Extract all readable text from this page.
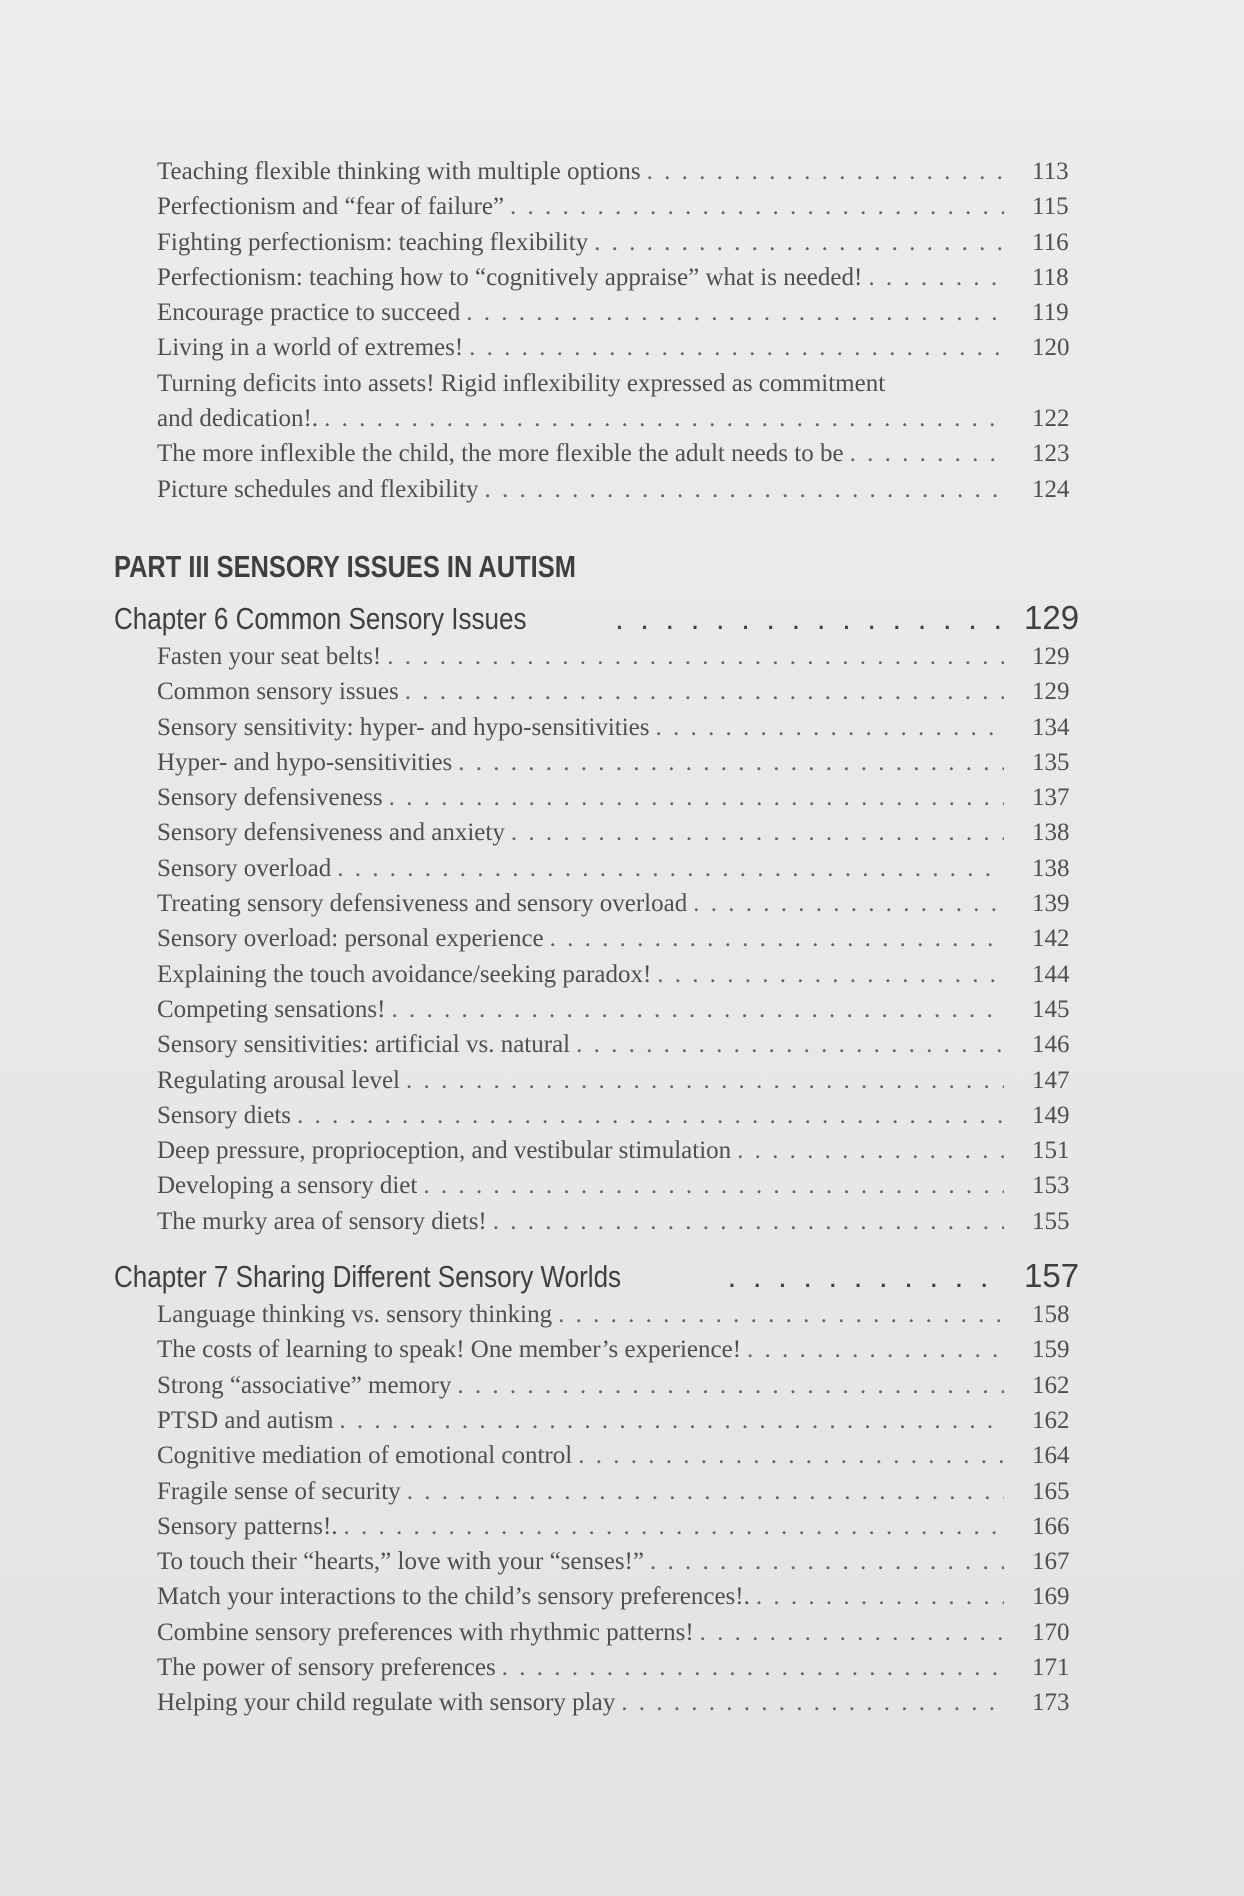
Teaching flexible thinking with multiple options . . .	113
Perfectionism and “fear of failure” . . .	115
Fighting perfectionism: teaching flexibility . . .	116
Perfectionism: teaching how to “cognitively appraise” what is needed! . . .	118
Encourage practice to succeed . . .	119
Living in a world of extremes! . . .	120
Turning deficits into assets! Rigid inflexibility expressed as commitment
and dedication!. . . .	122
The more inflexible the child, the more flexible the adult needs to be . . .	123
Picture schedules and flexibility . . .	124
PART III SENSORY ISSUES IN AUTISM
Chapter 6 Common Sensory Issues . . .	129
Fasten your seat belts! . . .	129
Common sensory issues . . .	129
Sensory sensitivity: hyper- and hypo-sensitivities . . .	134
Hyper- and hypo-sensitivities . . .	135
Sensory defensiveness . . .	137
Sensory defensiveness and anxiety . . .	138
Sensory overload . . .	138
Treating sensory defensiveness and sensory overload . . .	139
Sensory overload: personal experience . . .	142
Explaining the touch avoidance/seeking paradox! . . .	144
Competing sensations! . . .	145
Sensory sensitivities: artificial vs. natural . . .	146
Regulating arousal level . . .	147
Sensory diets . . .	149
Deep pressure, proprioception, and vestibular stimulation . . .	151
Developing a sensory diet . . .	153
The murky area of sensory diets! . . .	155
Chapter 7 Sharing Different Sensory Worlds . . .	157
Language thinking vs. sensory thinking . . .	158
The costs of learning to speak! One member’s experience! . . .	159
Strong “associative” memory . . .	162
PTSD and autism . . .	162
Cognitive mediation of emotional control . . .	164
Fragile sense of security . . .	165
Sensory patterns!. . . .	166
To touch their “hearts,” love with your “senses!” . . .	167
Match your interactions to the child’s sensory preferences!. . . .	169
Combine sensory preferences with rhythmic patterns! . . .	170
The power of sensory preferences . . .	171
Helping your child regulate with sensory play . . .	173
